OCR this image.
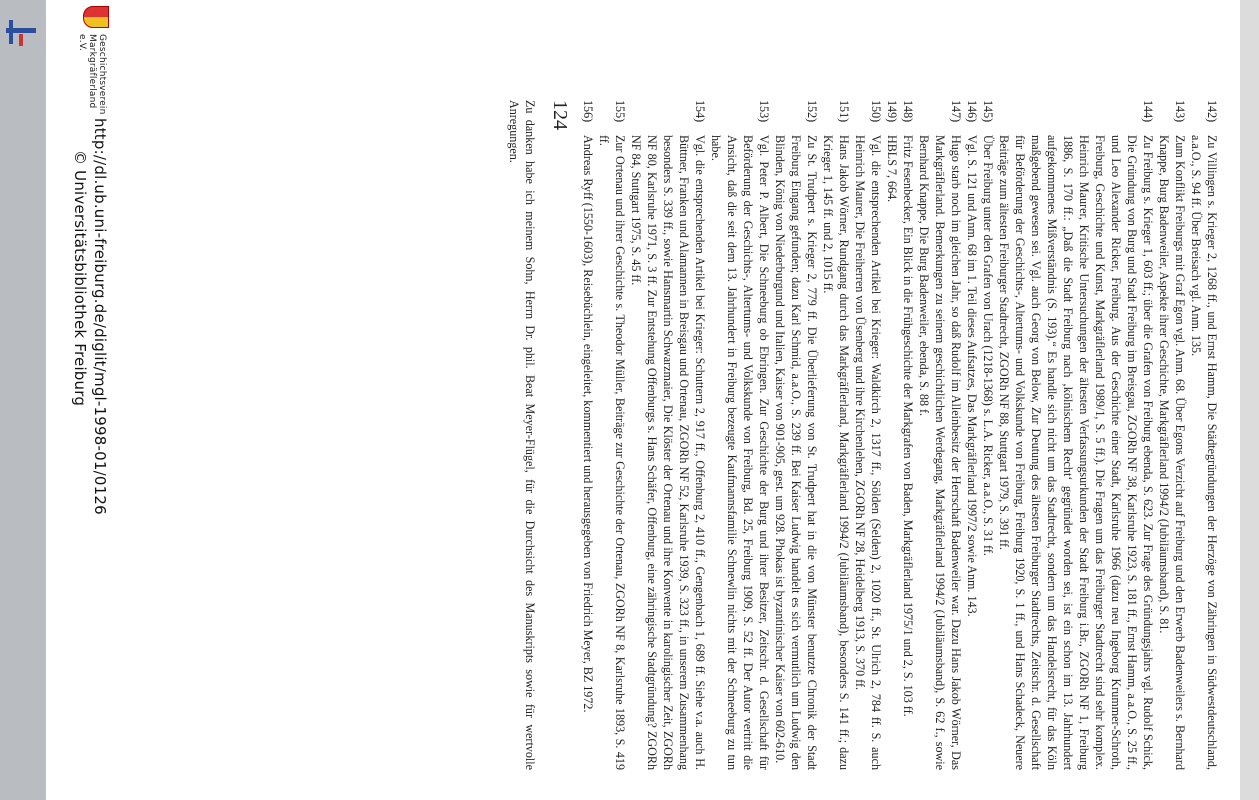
142)
Zu Villingen s. Krieger 2, 1268 ff., und Ernst Hamm, Die Städtegründungen der Herzöge von Zähringen in Südwestdeutschland, a.a.O., S. 94 ff. Über Breisach vgl. Anm. 135.
143)
Zum Konflikt Freiburgs mit Graf Egon vgl. Anm. 68. Über Egons Verzicht auf Freiburg und den Erwerb Badenweilers s. Bernhard Knappe, Burg Badenweiler, Aspekte ihrer Geschichte, Markgräflerland 1994/2 (Jubiläumsband), S. 81.
144)
Zu Freiburg s. Krieger 1, 603 ff.; über die Grafen von Freiburg ebenda, S. 623. Zur Frage des Gründungsjahrs vgl. Rudolf Schick, Die Gründung von Burg und Stadt Freiburg im Breisgau, ZGORh NF 38, Karlsruhe 1923, S. 181 ff., Ernst Hamm, a.a.O., S. 25 ff., und Leo Alexander Ricker, Freiburg. Aus der Geschichte einer Stadt, Karlsruhe 1966 (dazu neu Ingeborg Krummer-Schroth, Freiburg, Geschichte und Kunst, Markgräflerland 1989/1, S. 5 ff.). Die Fragen um das Freiburger Stadtrecht sind sehr komplex. Heinrich Maurer, Kritische Untersuchungen der ältesten Verfassungsurkunden der Stadt Freiburg i.Br., ZGORh NF 1, Freiburg 1886, S. 170 ff.: „Daß die Stadt Freiburg nach ‚kölnischem Recht‘ gegründet worden sei, ist ein schon im 13. Jahrhundert aufgekommenes Mißverständnis (S. 193).“ Es handle sich nicht um das Stadtrecht, sondern um das Handelsrecht, für das Köln maßgebend gewesen sei. Vgl. auch Georg von Below, Zur Deutung des ältesten Freiburger Stadtrechts, Zeitschr. d. Gesellschaft für Beförderung der Geschichts-, Altertums- und Volkskunde von Freiburg, Freiburg 1920, S. 1 ff., und Hans Schadeck, Neuere Beiträge zum ältesten Freiburger Stadtrecht, ZGORh NF 88, Stuttgart 1979, S. 391 ff.
145)
Über Freiburg unter den Grafen von Urach (1218-1368) s. L.A. Ricker, a.a.O., S. 31 ff.
146)
Vgl. S. 121 und Anm. 68 im 1. Teil dieses Aufsatzes, Das Markgräflerland 1997/2 sowie Anm. 143.
147)
Hugo starb noch im gleichen Jahr, so daß Rudolf im Alleinbesitz der Herrschaft Badenweiler war. Dazu Hans Jakob Wörner, Das Markgräflerland. Bemerkungen zu seinem geschichtlichen Werdegang, Markgräflerland 1994/2 (Jubiläumsband), S. 62 f., sowie Bernhard Knappe, Die Burg Badenweiler, ebenda, S. 88 f.
148)
Fritz Fesenbecker, Ein Blick in die Frühgeschichte der Markgrafen von Baden, Markgräflerland 1975/1 und 2, S. 103 ff.
149)
HBLS 7, 664.
150)
Vgl. die entsprechenden Artikel bei Krieger: Waldkirch 2, 1317 ff., Sölden (Selden) 2, 1020 ff., St. Ulrich 2, 784 ff. S. auch Heinrich Maurer, Die Freiherren von Üsenberg und ihre Kirchenlehen, ZGORh NF 28, Heidelberg 1913, S. 370 ff.
151)
Hans Jakob Wörner, Rundgang durch das Markgräflerland, Markgräflerland 1994/2 (Jubiläumsband), besonders S. 141 ff.; dazu Krieger 1, 145 ff. und 2, 1015 ff.
152)
Zu St. Trudpert s. Krieger 2, 779 ff. Die Überlieferung von St. Trudpert hat in die von Münster benutzte Chronik der Stadt Freiburg Eingang gefunden; dazu Karl Schmid, a.a.O., S. 239 ff. Bei Kaiser Ludwig handelt es sich vermutlich um Ludwig den Blinden, König von Niederburgund und Italien, Kaiser von 901-905, gest. um 928. Phokas ist byzantinischer Kaiser von 602-610.
153)
Vgl. Peter P. Albert, Die Schneeburg ob Ebringen. Zur Geschichte der Burg und ihrer Besitzer, Zeitschr. d. Gesellschaft für Beförderung der Geschichts-, Altertums- und Volkskunde von Freiburg, Bd. 25, Freiburg 1909, S. 52 ff. Der Autor vertritt die Ansicht, daß die seit dem 13. Jahrhundert in Freiburg bezeugte Kaufmannsfamilie Schnewlin nichts mit der Schneeburg zu tun habe.
154)
Vgl. die entsprechenden Artikel bei Krieger: Schuttern 2, 917 ff., Offenburg 2, 410 ff., Gengenbach 1, 689 ff. Siehe v.a. auch H. Büttner, Franken und Alamannen in Breisgau und Ortenau, ZGORh NF 52, Karlsruhe 1939, S. 323 ff., in unserem Zusammenhang besonders S. 339 ff., sowie Hansmartin Schwarzmaier, Die Klöster der Ortenau und ihre Konvente in karolingischer Zeit, ZGORh NF 80, Karlsruhe 1971, S. 3 ff. Zur Entstehung Offenburgs s. Hans Schäfer, Offenburg, eine zähringische Stadtgründung? ZGORh NF 84, Stuttgart 1975, S. 45 ff.
155)
Zur Ortenau und ihrer Geschichte s. Theodor Müller, Beiträge zur Geschichte der Ortenau, ZGORh NF 8, Karlsruhe 1893, S. 419 ff.
156)
Andreas Ryff (1550-1603), Reisebüchlein, eingeleitet, kommentiert und herausgegeben von Friedrich Meyer, BZ 1972.
124
Zu danken habe ich meinem Sohn, Herrn Dr. phil. Beat Meyer-Flügel, für die Durchsicht des Manuskripts sowie für wertvolle Anregungen.
Geschichtsverein Markgräflerland e.V.
http://dl.ub.uni-freiburg.de/diglit/mgl-1998-01/0126
© Universitätsbibliothek Freiburg
